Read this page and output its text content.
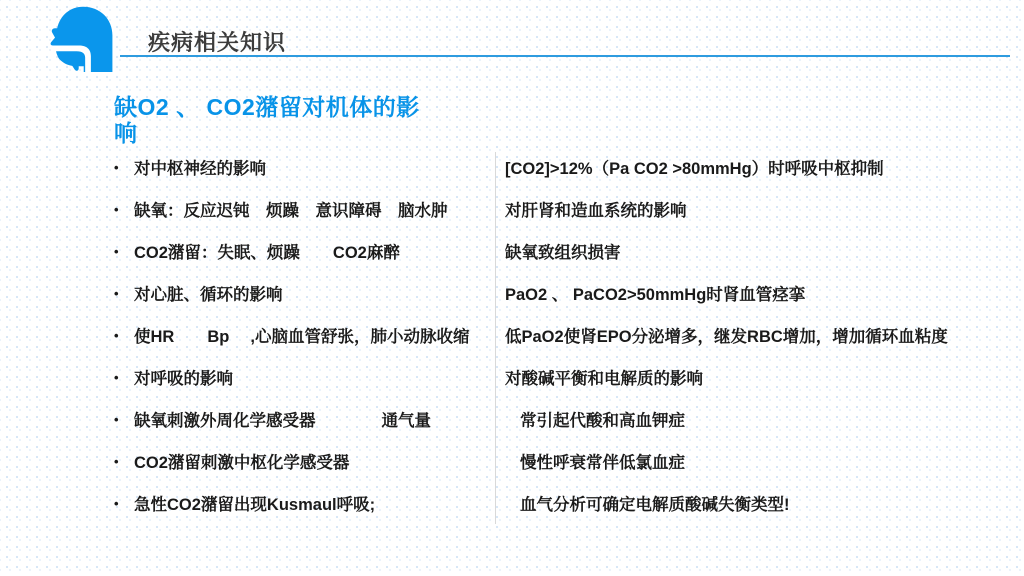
疾病相关知识
缺O2 、 CO2潴留对机体的影
响
• 对中枢神经的影响
• 缺氧：反应迟钝　烦躁　意识障碍　脑水肿
• CO2潴留：失眠、烦躁　　CO2麻醉
• 对心脏、循环的影响
• 使HR　　Bp　 ,心脑血管舒张，肺小动脉收缩
• 对呼吸的影响
• 缺氧刺激外周化学感受器　　　　通气量
• CO2潴留刺激中枢化学感受器
• 急性CO2潴留出现Kusmaul呼吸;
[CO2]>12%（Pa CO2 >80mmHg）时呼吸中枢抑制
对肝肾和造血系统的影响
缺氧致组织损害
PaO2 、 PaCO2>50mmHg时肾血管痉挛
低PaO2使肾EPO分泌增多，继发RBC增加，增加循环血粘度
对酸碱平衡和电解质的影响
常引起代酸和高血钾症
慢性呼衰常伴低氯血症
血气分析可确定电解质酸碱失衡类型!
